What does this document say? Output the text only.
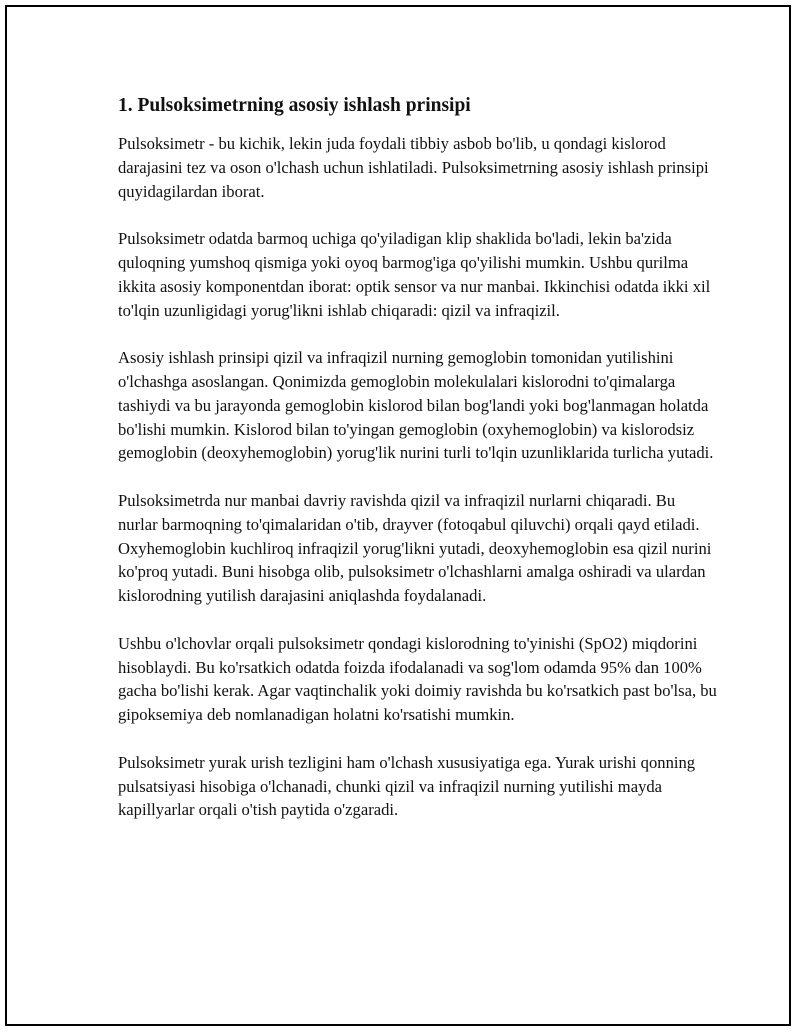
1. Pulsoksimetrning asosiy ishlash prinsipi

Pulsoksimetr - bu kichik, lekin juda foydali tibbiy asbob bo'lib, u qondagi kislorod darajasini tez va oson o'lchash uchun ishlatiladi. Pulsoksimetrning asosiy ishlash prinsipi quyidagilardan iborat.

Pulsoksimetr odatda barmoq uchiga qo'yiladigan klip shaklida bo'ladi, lekin ba'zida quloqning yumshoq qismiga yoki oyoq barmog'iga qo'yilishi mumkin. Ushbu qurilma ikkita asosiy komponentdan iborat: optik sensor va nur manbai. Ikkinchisi odatda ikki xil to'lqin uzunligidagi yorug'likni ishlab chiqaradi: qizil va infraqizil.

Asosiy ishlash prinsipi qizil va infraqizil nurning gemoglobin tomonidan yutilishini o'lchashga asoslangan. Qonimizda gemoglobin molekulalari kislorodni to'qimalarga tashiydi va bu jarayonda gemoglobin kislorod bilan bog'landi yoki bog'lanmagan holatda bo'lishi mumkin. Kislorod bilan to'yingan gemoglobin (oxyhemoglobin) va kislorodsiz gemoglobin (deoxyhemoglobin) yorug'lik nurini turli to'lqin uzunliklarida turlicha yutadi.

Pulsoksimetrda nur manbai davriy ravishda qizil va infraqizil nurlarni chiqaradi. Bu nurlar barmoqning to'qimalaridan o'tib, drayver (fotoqabul qiluvchi) orqali qayd etiladi. Oxyhemoglobin kuchliroq infraqizil yorug'likni yutadi, deoxyhemoglobin esa qizil nurini ko'proq yutadi. Buni hisobga olib, pulsoksimetr o'lchashlarni amalga oshiradi va ulardan kislorodning yutilish darajasini aniqlashda foydalanadi.

Ushbu o'lchovlar orqali pulsoksimetr qondagi kislorodning to'yinishi (SpO2) miqdorini hisoblaydi. Bu ko'rsatkich odatda foizda ifodalanadi va sog'lom odamda 95% dan 100% gacha bo'lishi kerak. Agar vaqtinchalik yoki doimiy ravishda bu ko'rsatkich past bo'lsa, bu gipoksemiya deb nomlanadigan holatni ko'rsatishi mumkin.

Pulsoksimetr yurak urish tezligini ham o'lchash xususiyatiga ega. Yurak urishi qonning pulsatsiyasi hisobiga o'lchanadi, chunki qizil va infraqizil nurning yutilishi mayda kapillyarlar orqali o'tish paytida o'zgaradi.
